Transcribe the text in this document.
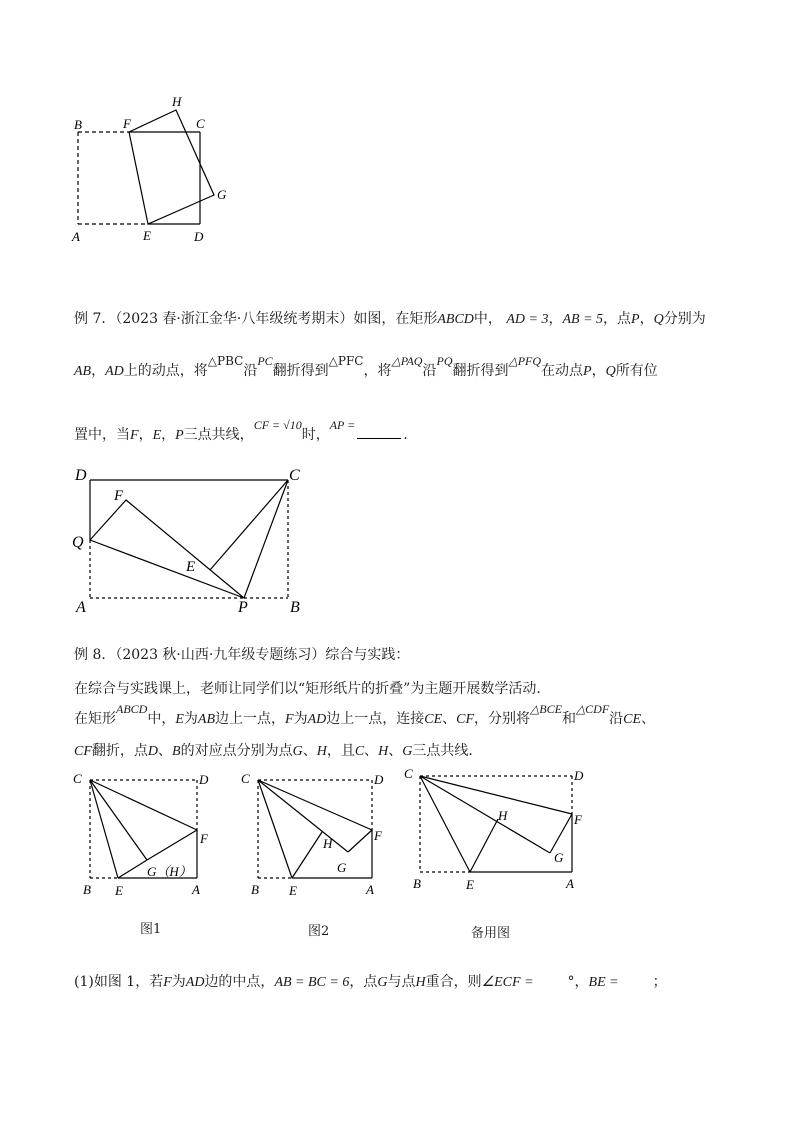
B	F
H
C
G
A	E	D
例 7．（2023 春·浙江金华·八年级统考期末）如图，在矩形ABCD中， AD = 3，AB = 5，点P，Q分别为
AB，AD上的动点，将△PBC沿PC翻折得到△PFC，将△PAQ沿PQ翻折得到△PFQ在动点P，Q所有位
置中，当F，E，P三点共线，CF = √10时，AP =.
D	C
F
Q
E
A	P	B
例 8．（2023 秋·山西·九年级专题练习）综合与实践：
在综合与实践课上，老师让同学们以“矩形纸片的折叠”为主题开展数学活动．
在矩形ABCD中，E为AB边上一点，F为AD边上一点，连接CE、CF，分别将△BCE和△CDF沿CE、
CF翻折，点D、B的对应点分别为点G、H，且C、H、G三点共线．
C	D
F
G（H）
B E	A
图1
C	D
F
H
G
B E	A
图2
C	D
F
H
G
B	E	A
备用图
(1)如图 1，若F为AD边的中点，AB = BC = 6，点G与点H重合，则∠ECF = °，BE = ；
